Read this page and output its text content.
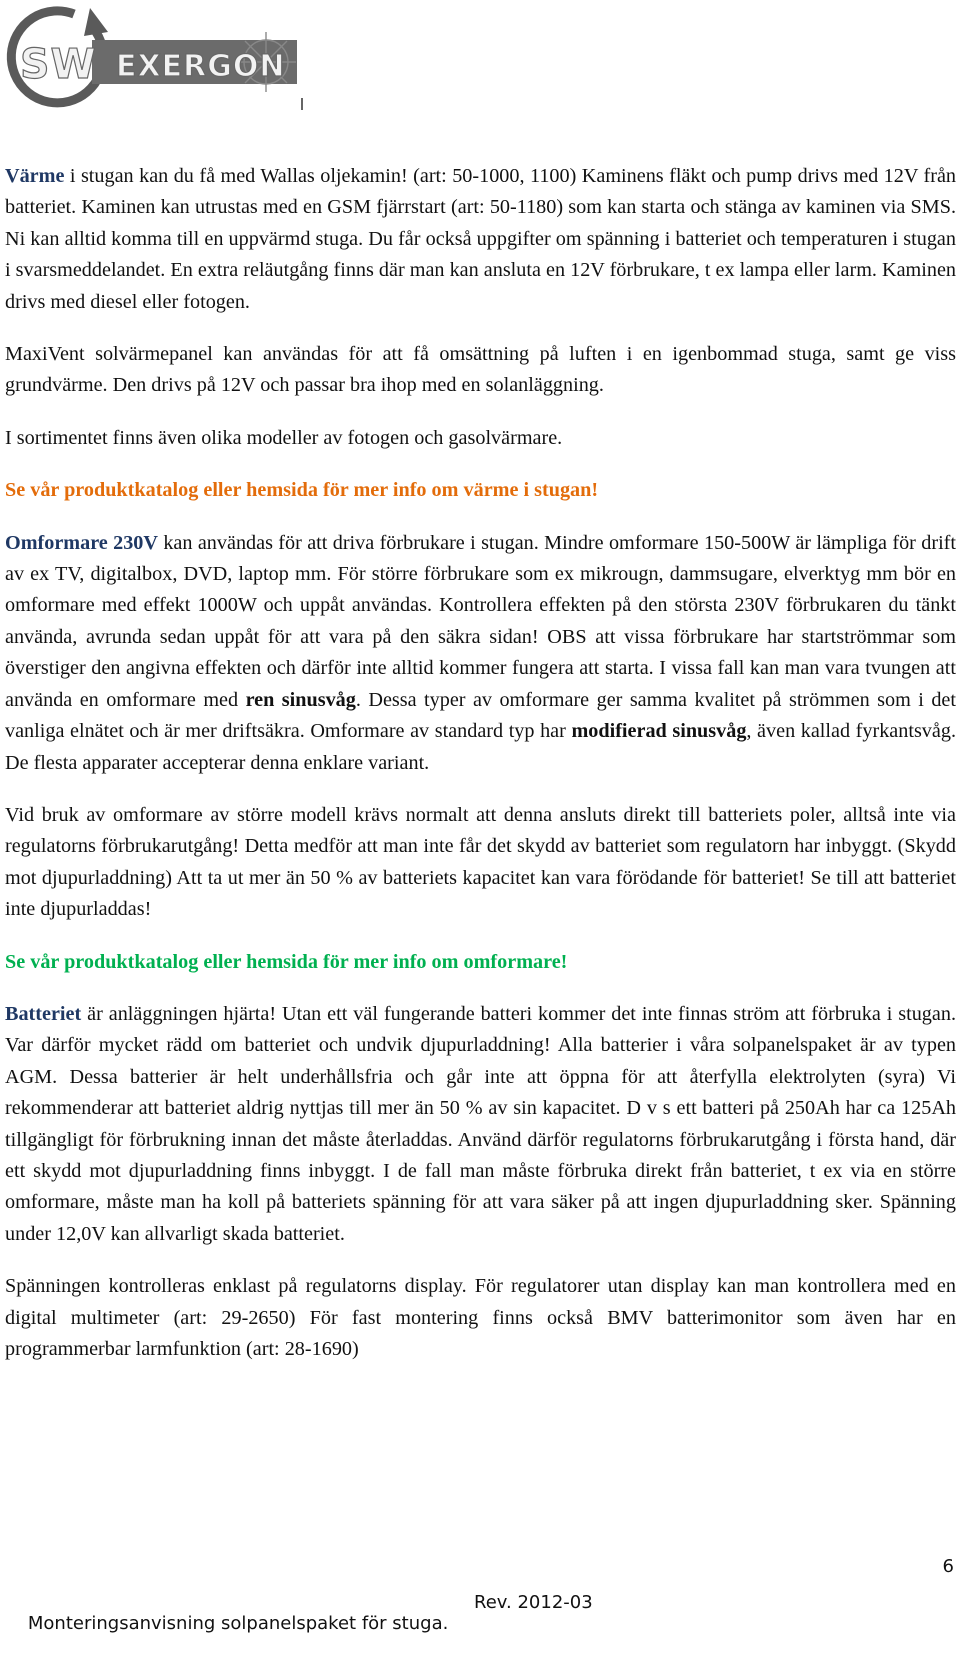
SW EXERGON

Värme i stugan kan du få med Wallas oljekamin! (art: 50-1000, 1100) Kaminens fläkt och pump drivs med 12V från batteriet. Kaminen kan utrustas med en GSM fjärrstart (art: 50-1180) som kan starta och stänga av kaminen via SMS. Ni kan alltid komma till en uppvärmd stuga. Du får också uppgifter om spänning i batteriet och temperaturen i stugan i svarsmeddelandet. En extra reläutgång finns där man kan ansluta en 12V förbrukare, t ex lampa eller larm. Kaminen drivs med diesel eller fotogen.

MaxiVent solvärmepanel kan användas för att få omsättning på luften i en igenbommad stuga, samt ge viss grundvärme. Den drivs på 12V och passar bra ihop med en solanläggning.

I sortimentet finns även olika modeller av fotogen och gasolvärmare.

Se vår produktkatalog eller hemsida för mer info om värme i stugan!

Omformare 230V kan användas för att driva förbrukare i stugan. Mindre omformare 150-500W är lämpliga för drift av ex TV, digitalbox, DVD, laptop mm. För större förbrukare som ex mikrougn, dammsugare, elverktyg mm bör en omformare med effekt 1000W och uppåt användas. Kontrollera effekten på den största 230V förbrukaren du tänkt använda, avrunda sedan uppåt för att vara på den säkra sidan! OBS att vissa förbrukare har startströmmar som överstiger den angivna effekten och därför inte alltid kommer fungera att starta. I vissa fall kan man vara tvungen att använda en omformare med ren sinusvåg. Dessa typer av omformare ger samma kvalitet på strömmen som i det vanliga elnätet och är mer driftsäkra. Omformare av standard typ har modifierad sinusvåg, även kallad fyrkantsvåg. De flesta apparater accepterar denna enklare variant.

Vid bruk av omformare av större modell krävs normalt att denna ansluts direkt till batteriets poler, alltså inte via regulatorns förbrukarutgång! Detta medför att man inte får det skydd av batteriet som regulatorn har inbyggt. (Skydd mot djupurladdning) Att ta ut mer än 50 % av batteriets kapacitet kan vara förödande för batteriet! Se till att batteriet inte djupurladdas!

Se vår produktkatalog eller hemsida för mer info om omformare!

Batteriet är anläggningen hjärta! Utan ett väl fungerande batteri kommer det inte finnas ström att förbruka i stugan. Var därför mycket rädd om batteriet och undvik djupurladdning! Alla batterier i våra solpanelspaket är av typen AGM. Dessa batterier är helt underhållsfria och går inte att öppna för att återfylla elektrolyten (syra) Vi rekommenderar att batteriet aldrig nyttjas till mer än 50 % av sin kapacitet. D v s ett batteri på 250Ah har ca 125Ah tillgängligt för förbrukning innan det måste återladdas. Använd därför regulatorns förbrukarutgång i första hand, där ett skydd mot djupurladdning finns inbyggt. I de fall man måste förbruka direkt från batteriet, t ex via en större omformare, måste man ha koll på batteriets spänning för att vara säker på att ingen djupurladdning sker. Spänning under 12,0V kan allvarligt skada batteriet.

Spänningen kontrolleras enklast på regulatorns display. För regulatorer utan display kan man kontrollera med en digital multimeter (art: 29-2650) För fast montering finns också BMV batterimonitor som även har en programmerbar larmfunktion (art: 28-1690)

6

Monteringsanvisning solpanelspaket för stuga.

Rev. 2012-03
